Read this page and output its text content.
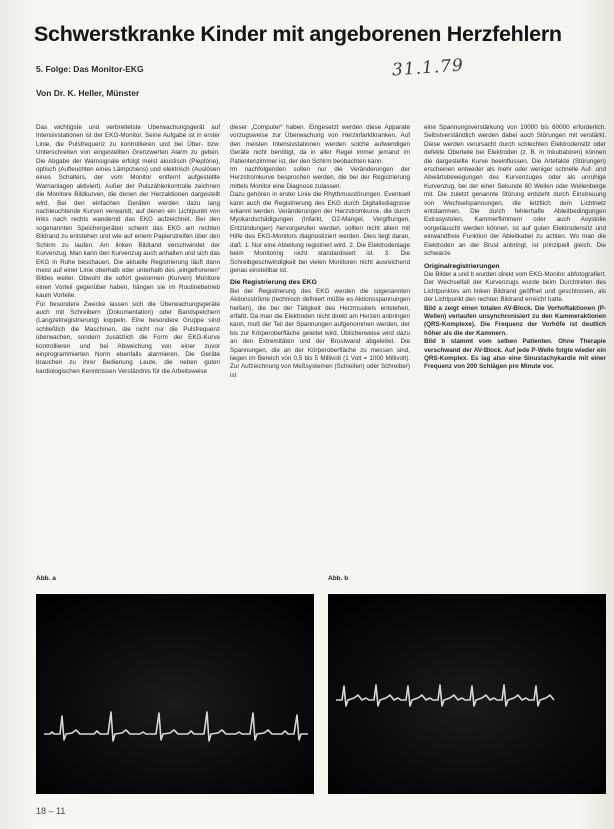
Schwerstkranke Kinder mit angeborenen Herzfehlern
5. Folge: Das Monitor-EKG
Von Dr. K. Heller, Münster
31.1.79

Das wichtigste und verbreitetste Überwachungsgerät auf Intensivstationen ist der EKG-Monitor. Seine Aufgabe ist in erster Linie, die Pulsfrequenz zu kontrollieren und bei Über- bzw. Unterschreiten von eingestellten Grenzwerten Alarm zu geben. Die Abgabe der Warnsignale erfolgt meist akustisch (Pieptöne), optisch (Aufleuchten eines Lämpchens) und elektrisch (Auslösen eines Schalters, der vom Monitor entfernt aufgestellte Warnanlagen aktiviert). Außer der Pulszählerkontrolle zeichnen die Monitore Bildkurven, die denen der Herzaktionen dargestellt wird. Bei den einfachen Geräten werden dazu lang nachleuchtende Kurven verwandt, auf denen ein Lichtpunkt von links nach rechts wandernd das EKG aufzeichnet. Bei den sogenannten Speichergeräten scheint das EKG am rechten Bildrand zu entstehen und wie auf einem Papierstreifen über den Schirm zu laufen. Am linken Bildrand verschwindet der Kurvenzug. Man kann den Kurvenzug auch anhalten und sich das EKG in Ruhe beschauen. Die aktuelle Registrierung läuft dann meist auf einer Linie oberhalb oder unterhalb des „eingefrorenen“ Bildes weiter. Obwohl die sofort gewonnen (Kurven) Monitore einen Vorteil gegenüber haben, hängen sie im Routinebetrieb kaum Vorteile.

Für besondere Zwecke lassen sich die Überwachungsgeräte auch mit Schreibern (Dokumentation) oder Bandspeichern (Langzeitregistrierung) koppeln. Eine besondere Gruppe sind schließlich die Maschinen, die nicht nur die Pulsfrequenz überwachen, sondern zusätzlich die Form der EKG-Kurve kontrollieren und bei Abweichung von einer zuvor einprogrammierten Norm ebenfalls alarmieren. Die Geräte brauchen zu ihrer Bedienung Leute, die neben guten kardiologischen Kenntnissen Verständnis für die Arbeitsweise

dieser „Computer“ haben. Eingesetzt werden diese Apparate vorzugsweise zur Überwachung von Herzinfarktkranken. Auf den meisten Intensivstationen werden solche aufwendigen Geräte nicht benötigt, da in aller Regel immer jemand im Patientenzimmer ist, der den Schirm beobachten kann.

Im nachfolgenden sollen nur die Veränderungen der Herzstromkurve besprochen werden, die bei der Registrierung mittels Monitor eine Diagnose zulassen.

Dazu gehören in erster Linie die Rhythmusstörungen. Eventuell kann auch die Registrierung des EKG durch Digitalisdiagnose erkannt werden. Veränderungen der Herzstromkurve, die durch Myokardschädigungen (Infarkt, O2-Mangel, Vergiftungen, Entzündungen) hervorgerufen werden, sollten nicht allein mit Hilfe des EKG-Monitors diagnostiziert werden. Dies liegt daran, daß: 1. Nur eine Ableitung registriert wird. 2. Die Elektrodenlage beim Monitoring nicht standardisiert ist. 3. Die Schreibgeschwindigkeit bei vielen Monitoren nicht ausreichend genau einstellbar ist.

Die Registrierung des EKG

Bei der Registrierung des EKG werden die sogenannten Aktionsströme (technisch definiert müßte es Aktionsspannungen heißen), die bei der Tätigkeit des Herzmuskels entstehen, erfaßt. Da man die Elektroden nicht direkt am Herzen anbringen kann, muß der Teil der Spannungen aufgenommen werden, der bis zur Körperoberfläche geleitet wird. Üblicherweise wird dazu an den Extremitäten und der Brustwand abgeleitet. Die Spannungen, die an der Körperoberfläche zu messen sind, liegen im Bereich von 0,5 bis 5 Millivolt (1 Volt = 1000 Millivolt). Zur Aufzeichnung von Meßsystemen (Schleifen) oder Schreiber) ist

eine Spannungsverstärkung von 10000 bis 60000 erforderlich. Selbstverständlich werden dabei auch Störungen mit verstärkt. Diese werden verursacht durch schlechten Elektrodensitz oder defekte Oberteile bei Elektroden (z. B. in Inkubatoren) können die dargestellte Kurve beeinflussen. Die Artefakte (Störungen) erscheinen entweder als mehr oder weniger schnelle Auf- und Abwärtsbewegungen des Kurvenzuges oder als unruhige Kurvenzug, bei der einer Sekunde 60 Wellen oder Wellenberge mit. Die zuletzt genannte Störung entsteht durch Einstreuung von Wechselspannungen, die letztlich dem Lichtnetz entstammen. Die durch fehlerhafte Ableitbedingungen Extrasystolen, Kammerflimmern oder auch Asystolie vorgetäuscht werden können, ist auf guten Elektrodensitz und einwandfreie Funktion der Ableitkabel zu achten. Wo man die Elektroden an der Brust anbringt, ist prinzipiell gleich. Die schwarze

Originalregistrierungen

Die Bilder a und b wurden direkt vom EKG-Monitor abfotografiert. Der Wechselfall der Kurvenzugs wurde beim Durchtreten des Lichtpunktes am linken Bildrand geöffnet und geschlossen, als der Lichtpunkt den rechten Bildrand erreicht hatte.

Bild a zeigt einen totalen AV-Block. Die Vorhoftaktionen (P-Wellen) verlaufen unsynchronisiert zu den Kammeraktionen (QRS-Komplexe). Die Frequenz der Vorhöfe ist deutlich höher als die der Kammern.

Bild b stammt vom selben Patienten. Ohne Therapie verschwand der AV-Block. Auf jede P-Welle folgte wieder ein QRS-Komplex. Es lag also eine Sinustachykardie mit einer Frequenz von 200 Schlägen pro Minute vor.

Abb. a	Abb. b
18 – 11
